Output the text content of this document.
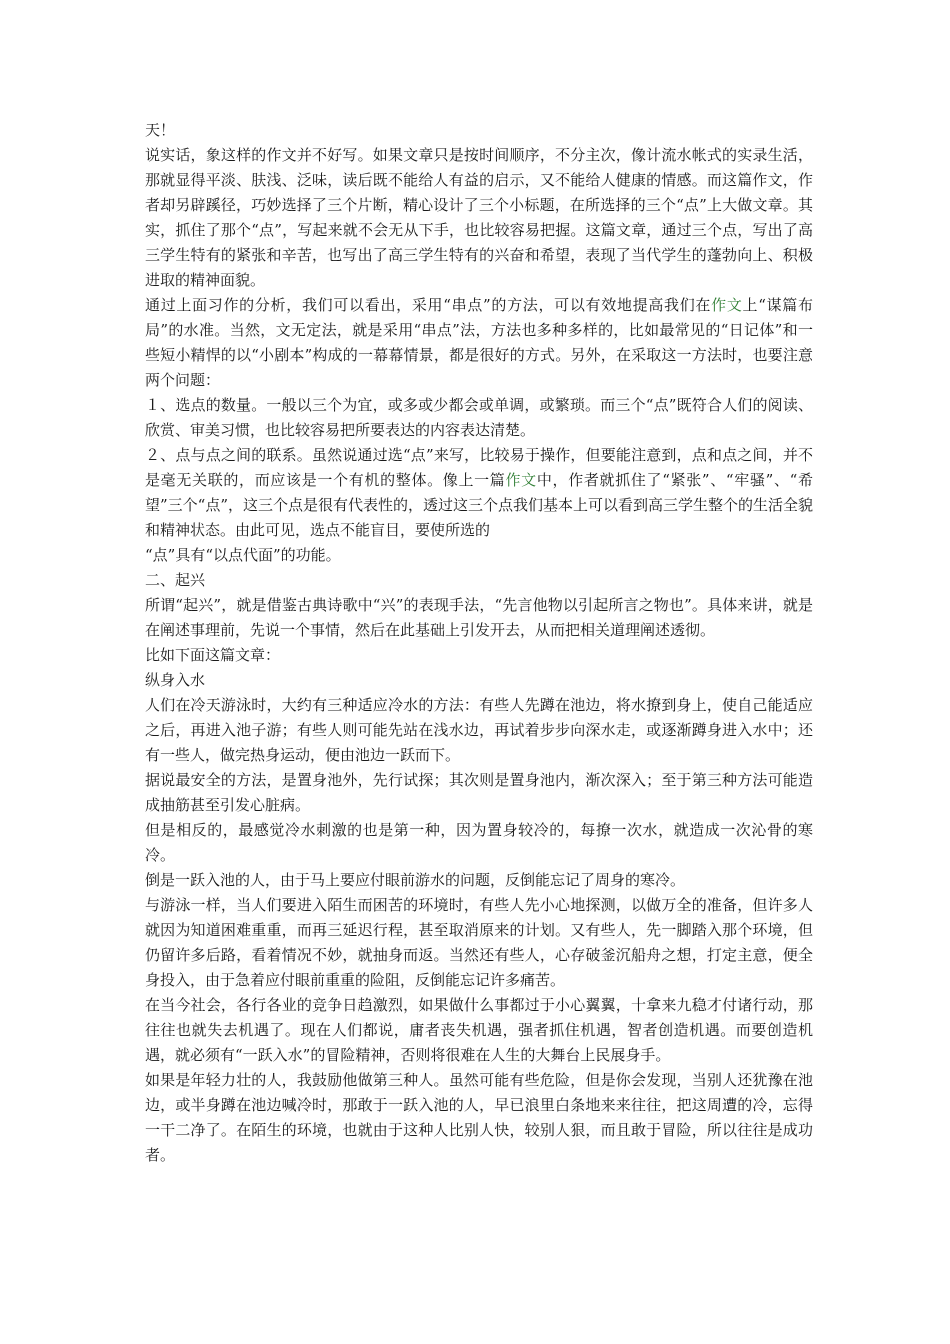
天！

说实话，象这样的作文并不好写。如果文章只是按时间顺序，不分主次，像计流水帐式的实录生活，那就显得平淡、肤浅、泛味，读后既不能给人有益的启示，又不能给人健康的情感。而这篇作文，作者却另辟蹊径，巧妙选择了三个片断，精心设计了三个小标题，在所选择的三个“点”上大做文章。其实，抓住了那个“点”，写起来就不会无从下手，也比较容易把握。这篇文章，通过三个点，写出了高三学生特有的紧张和辛苦，也写出了高三学生特有的兴奋和希望，表现了当代学生的蓬勃向上、积极进取的精神面貌。

通过上面习作的分析，我们可以看出，采用“串点”的方法，可以有效地提高我们在作文上“谋篇布局”的水准。当然，文无定法，就是采用“串点”法，方法也多种多样的，比如最常见的“日记体”和一些短小精悍的以“小剧本”构成的一幕幕情景，都是很好的方式。另外，在采取这一方法时，也要注意两个问题：

１、选点的数量。一般以三个为宜，或多或少都会或单调，或繁琐。而三个“点”既符合人们的阅读、欣赏、审美习惯，也比较容易把所要表达的内容表达清楚。

２、点与点之间的联系。虽然说通过选“点”来写，比较易于操作，但要能注意到，点和点之间，并不是毫无关联的，而应该是一个有机的整体。像上一篇作文中，作者就抓住了“紧张”、“牢骚”、“希望”三个“点”，这三个点是很有代表性的，透过这三个点我们基本上可以看到高三学生整个的生活全貌和精神状态。由此可见，选点不能盲目，要使所选的

“点”具有“以点代面”的功能。

二、起兴

所谓“起兴”，就是借鉴古典诗歌中“兴”的表现手法，“先言他物以引起所言之物也”。具体来讲，就是在阐述事理前，先说一个事情，然后在此基础上引发开去，从而把相关道理阐述透彻。

比如下面这篇文章：

纵身入水

人们在冷天游泳时，大约有三种适应冷水的方法：有些人先蹲在池边，将水撩到身上，使自己能适应之后，再进入池子游；有些人则可能先站在浅水边，再试着步步向深水走，或逐渐蹲身进入水中；还有一些人，做完热身运动，便由池边一跃而下。

据说最安全的方法，是置身池外，先行试探；其次则是置身池内，渐次深入；至于第三种方法可能造成抽筋甚至引发心脏病。

但是相反的，最感觉冷水刺激的也是第一种，因为置身较冷的，每撩一次水，就造成一次沁骨的寒冷。

倒是一跃入池的人，由于马上要应付眼前游水的问题，反倒能忘记了周身的寒冷。

与游泳一样，当人们要进入陌生而困苦的环境时，有些人先小心地探测，以做万全的准备，但许多人就因为知道困难重重，而再三延迟行程，甚至取消原来的计划。又有些人，先一脚踏入那个环境，但仍留许多后路，看着情况不妙，就抽身而返。当然还有些人，心存破釜沉船舟之想，打定主意，便全身投入，由于急着应付眼前重重的险阻，反倒能忘记许多痛苦。

在当今社会，各行各业的竞争日趋激烈，如果做什么事都过于小心翼翼，十拿来九稳才付诸行动，那往往也就失去机遇了。现在人们都说，庸者丧失机遇，强者抓住机遇，智者创造机遇。而要创造机遇，就必须有“一跃入水”的冒险精神，否则将很难在人生的大舞台上民展身手。

如果是年轻力壮的人，我鼓励他做第三种人。虽然可能有些危险，但是你会发现，当别人还犹豫在池边，或半身蹲在池边喊冷时，那敢于一跃入池的人，早已浪里白条地来来往往，把这周遭的冷，忘得一干二净了。在陌生的环境，也就由于这种人比别人快，较别人狠，而且敢于冒险，所以往往是成功者。
